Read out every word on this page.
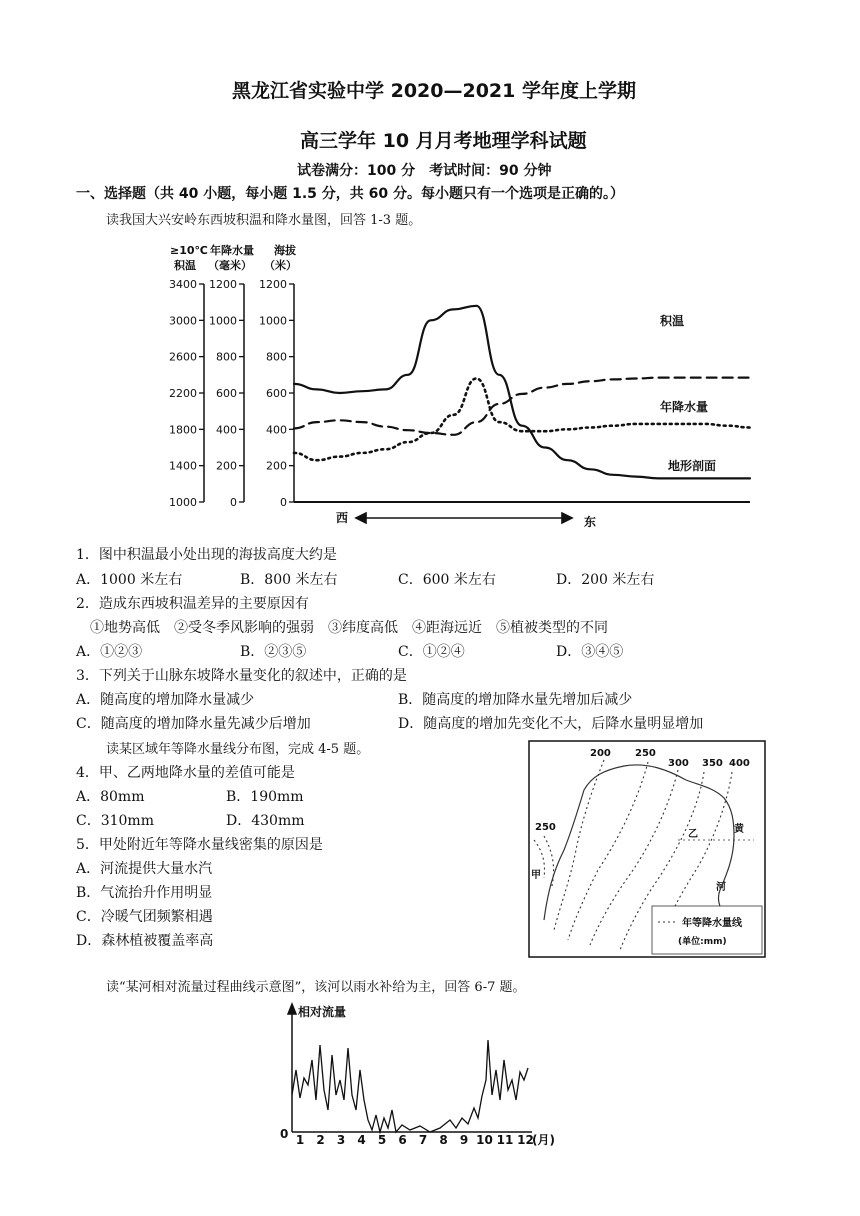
黑龙江省实验中学 2020—2021 学年度上学期
高三学年 10 月月考地理学科试题
试卷满分：100 分　考试时间：90 分钟
一、选择题（共 40 小题，每小题 1.5 分，共 60 分。每小题只有一个选项是正确的。）
读我国大兴安岭东西坡积温和降水量图，回答 1-3 题。
≥10℃
积温
年降水量
（毫米）
海拔
（米）
3400
3000
2600
2200
1800
1400
1000
1200
1000
800
600
400
200
0
1200
1000
800
600
400
200
0
积温
年降水量
地形剖面
西	东
1．图中积温最小处出现的海拔高度大约是
A．1000 米左右	B．800 米左右	C．600 米左右	D．200 米左右
2．造成东西坡积温差异的主要原因有
①地势高低　②受冬季风影响的强弱　③纬度高低　④距海远近　⑤植被类型的不同
A．①②③	B．②③⑤	C．①②④	D．③④⑤
3．下列关于山脉东坡降水量变化的叙述中，正确的是
A．随高度的增加降水量减少	B．随高度的增加降水量先增加后减少
C．随高度的增加降水量先减少后增加	D．随高度的增加先变化不大，后降水量明显增加
读某区域年等降水量线分布图，完成 4-5 题。
4．甲、乙两地降水量的差值可能是
A．80mm	B．190mm
C．310mm	D．430mm
5．甲处附近年等降水量线密集的原因是
A．河流提供大量水汽
B．气流抬升作用明显
C．冷暖气团频繁相遇
D．森林植被覆盖率高
200 250
300 350 400
250
甲
乙	黄
河
年等降水量线
(单位:mm)
读“某河相对流量过程曲线示意图”，该河以雨水补给为主，回答 6-7 题。
相对流量
0 1 2 3 4 5 6 7 8 9 10 11 12
(月)
